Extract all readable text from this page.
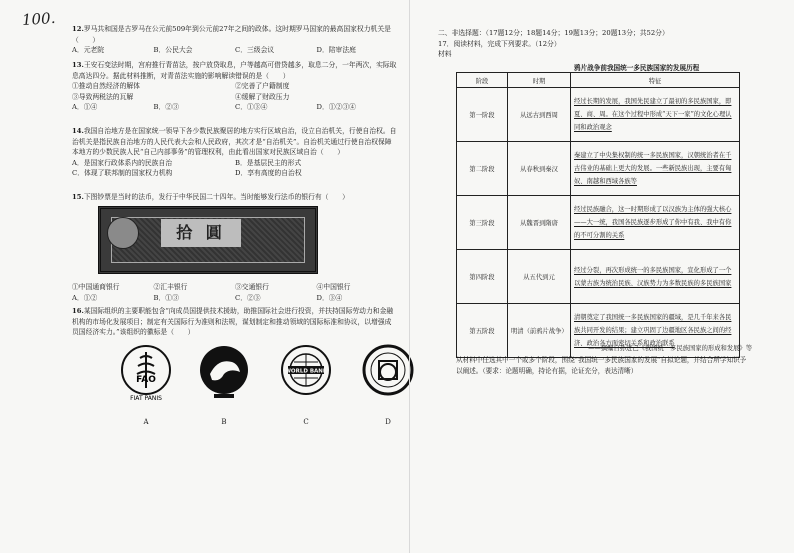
100. 12.罗马共和国是古罗马在公元前509年到公元前27年之间的政体。这时期罗马国家的最高国家权力机关是（　　）
A．元老院	B．公民大会	C．三级会议	D．陪审法庭
13.王安石变法时期，宫府推行青苗法，按户放贷取息，户等越高可借贷越多，取息二分，一年两次，实际取息高达四分。据此材料推断，对青苗法实施的影响解读错误的是（　　）
①推动自然经济的解体	②完善了户籍制度
③导致两税法的瓦解	④缓解了财政压力
A．①④	B．②③	C．①③④	D．①②③④
14.我国自治地方是在国家统一领导下各少数民族聚居的地方实行区域自治，设立自治机关，行使自治权。自治机关是指民族自治地方的人民代表大会和人民政府，其次才是“自治机关”。自治机关通过行使自治权保障本地方的少数民族人民“自己内部事务”的管理权利，由此看出国家对民族区域自治（　　）
A．是国家行政体系内的民族自治	B．是基层民主的形式
C．体现了联邦制的国家权力机构	D．享有高度的自治权
15.下图钞票是当时的法币，发行于中华民国二十四年。当时能够发行法币的银行有（　　）
拾 圓
①中国通商银行	②汇丰银行	③交通银行	④中国银行
A．①②	B．①③	C．②③	D．③④
16.某国际组织的主要职能包含“向成员国提供技术援助，助推国际社会进行投资，并扶持国际劳动力和金融机构的市场化发展项目；制定有关国际行为准则和法规，谋划制定和推动领域的国际标准和协议，以增强成员国经济实力。”该组织的徽标是（　　）
FIAT PANIS
FAO
A	B
WORLD BANK
C	D
二、非选择题：（17题12分；18题14分；19题13分；20题13分；共52分）
17．阅读材料，完成下列要求。（12分）
材料
鸦片战争前我国统一多民族国家的发展历程
阶段	时期	特征
第一阶段	从远古到西周	经过长期的发展，我国先民建立了最初的多民族国家，即夏、商、周。在这个过程中形成“天下一家”的文化心理认同和政治观念
第二阶段	从春秋到秦汉	秦建立了中央集权制的统一多民族国家，汉朝统治者在千古伟业的基础上更大的发展。一些新民族出现，主要有匈奴、南越和西域各族等
第三阶段	从魏晋到隋唐	经过民族融合，这一时期形成了以汉族为主体的强大核心——大一统，我国各民族逐步形成了你中有我、我中有你的不可分割的关系
第四阶段	从五代到元	经过分裂，再次形成统一的多民族国家，宣化形成了一个以蒙古族为统治民族、汉族势力为多数民族的多民族国家
第五阶段	明清（前鸦片战争）	清朝奠定了我国统一多民族国家的疆域，是几千年来各民族共同开发的结果；建立巩固了边疆地区各民族之间的经济、政治各方面密切关系和政治联系
——摘编自孙进己《我国统一多民族国家的形成和发展》等
从材料中任选其中一个或多个阶段，围绕“我国统一多民族国家的发展”自拟论题，并结合所学知识予以阐述。（要求：论题明确，持论有据，论证充分，表达清晰）
